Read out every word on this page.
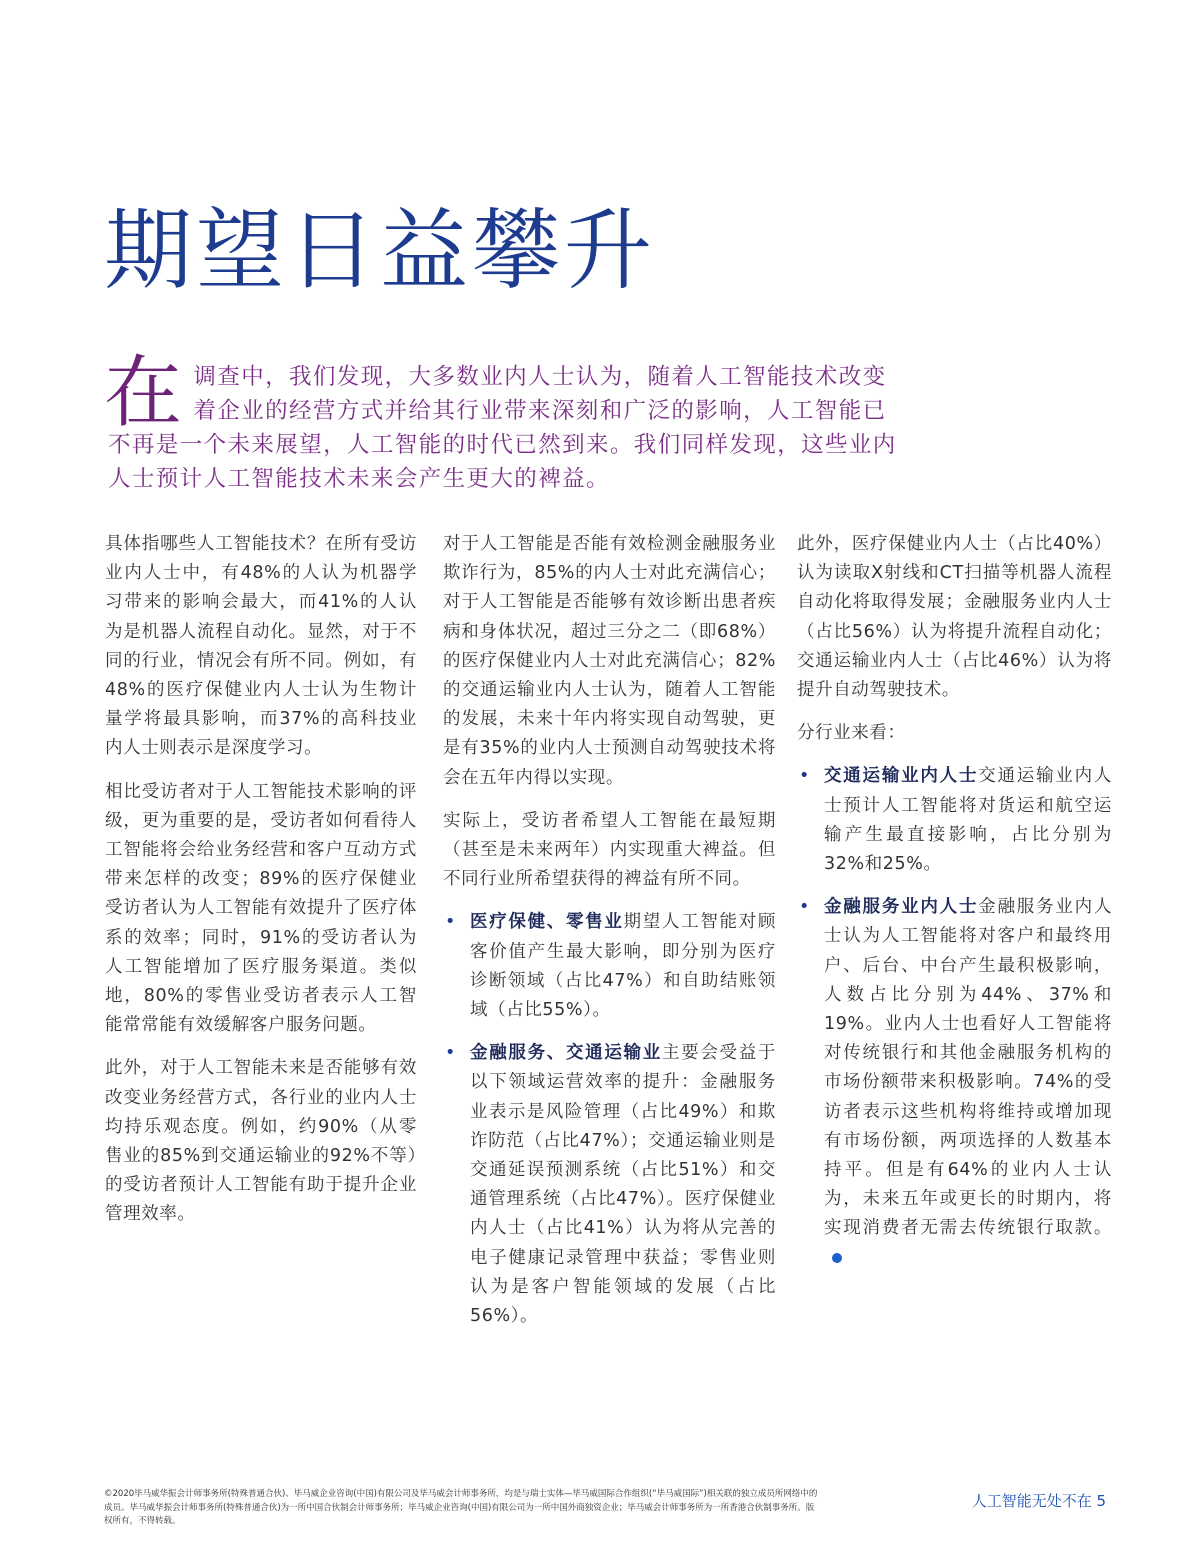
期望日益攀升
在 调查中，我们发现，大多数业内人士认为，随着人工智能技术改变着企业的经营方式并给其行业带来深刻和广泛的影响，人工智能已不再是一个未来展望，人工智能的时代已然到来。我们同样发现，这些业内人士预计人工智能技术未来会产生更大的裨益。

具体指哪些人工智能技术？在所有受访业内人士中，有48%的人认为机器学习带来的影响会最大，而41%的人认为是机器人流程自动化。显然，对于不同的行业，情况会有所不同。例如，有48%的医疗保健业内人士认为生物计量学将最具影响，而37%的高科技业内人士则表示是深度学习。

相比受访者对于人工智能技术影响的评级，更为重要的是，受访者如何看待人工智能将会给业务经营和客户互动方式带来怎样的改变；89%的医疗保健业受访者认为人工智能有效提升了医疗体系的效率；同时，91%的受访者认为人工智能增加了医疗服务渠道。类似地，80%的零售业受访者表示人工智能常常能有效缓解客户服务问题。

此外，对于人工智能未来是否能够有效改变业务经营方式，各行业的业内人士均持乐观态度。例如，约90%（从零售业的85%到交通运输业的92%不等）的受访者预计人工智能有助于提升企业管理效率。

对于人工智能是否能有效检测金融服务业欺诈行为，85%的内人士对此充满信心；对于人工智能是否能够有效诊断出患者疾病和身体状况，超过三分之二（即68%）的医疗保健业内人士对此充满信心；82%的交通运输业内人士认为，随着人工智能的发展，未来十年内将实现自动驾驶，更是有35%的业内人士预测自动驾驶技术将会在五年内得以实现。

实际上，受访者希望人工智能在最短期（甚至是未来两年）内实现重大裨益。但不同行业所希望获得的裨益有所不同。

• 医疗保健、零售业期望人工智能对顾客价值产生最大影响，即分别为医疗诊断领域（占比47%）和自助结账领域（占比55%）。
• 金融服务、交通运输业主要会受益于以下领域运营效率的提升：金融服务业表示是风险管理（占比49%）和欺诈防范（占比47%）；交通运输业则是交通延误预测系统（占比51%）和交通管理系统（占比47%）。医疗保健业内人士（占比41%）认为将从完善的电子健康记录管理中获益；零售业则认为是客户智能领域的发展（占比56%）。

此外，医疗保健业内人士（占比40%）认为读取X射线和CT扫描等机器人流程自动化将取得发展；金融服务业内人士（占比56%）认为将提升流程自动化；交通运输业内人士（占比46%）认为将提升自动驾驶技术。

分行业来看：

• 交通运输业内人士交通运输业内人士预计人工智能将对货运和航空运输产生最直接影响，占比分别为32%和25%。
• 金融服务业内人士金融服务业内人士认为人工智能将对客户和最终用户、后台、中台产生最积极影响，人数占比分别为44%、37%和19%。业内人士也看好人工智能将对传统银行和其他金融服务机构的市场份额带来积极影响。74%的受访者表示这些机构将维持或增加现有市场份额，两项选择的人数基本持平。但是有64%的业内人士认为，未来五年或更长的时期内，将实现消费者无需去传统银行取款。
©2020毕马威华振会计师事务所(特殊普通合伙)、毕马威企业咨询(中国)有限公司及毕马威会计师事务所，均是与瑞士实体—毕马威国际合作组织(“毕马威国际”)相关联的独立成员所网络中的成员。毕马威华振会计师事务所(特殊普通合伙)为一所中国合伙制会计师事务所；毕马威企业咨询(中国)有限公司为一所中国外商独资企业；毕马威会计师事务所为一所香港合伙制事务所。版权所有，不得转载。
人工智能无处不在 5
